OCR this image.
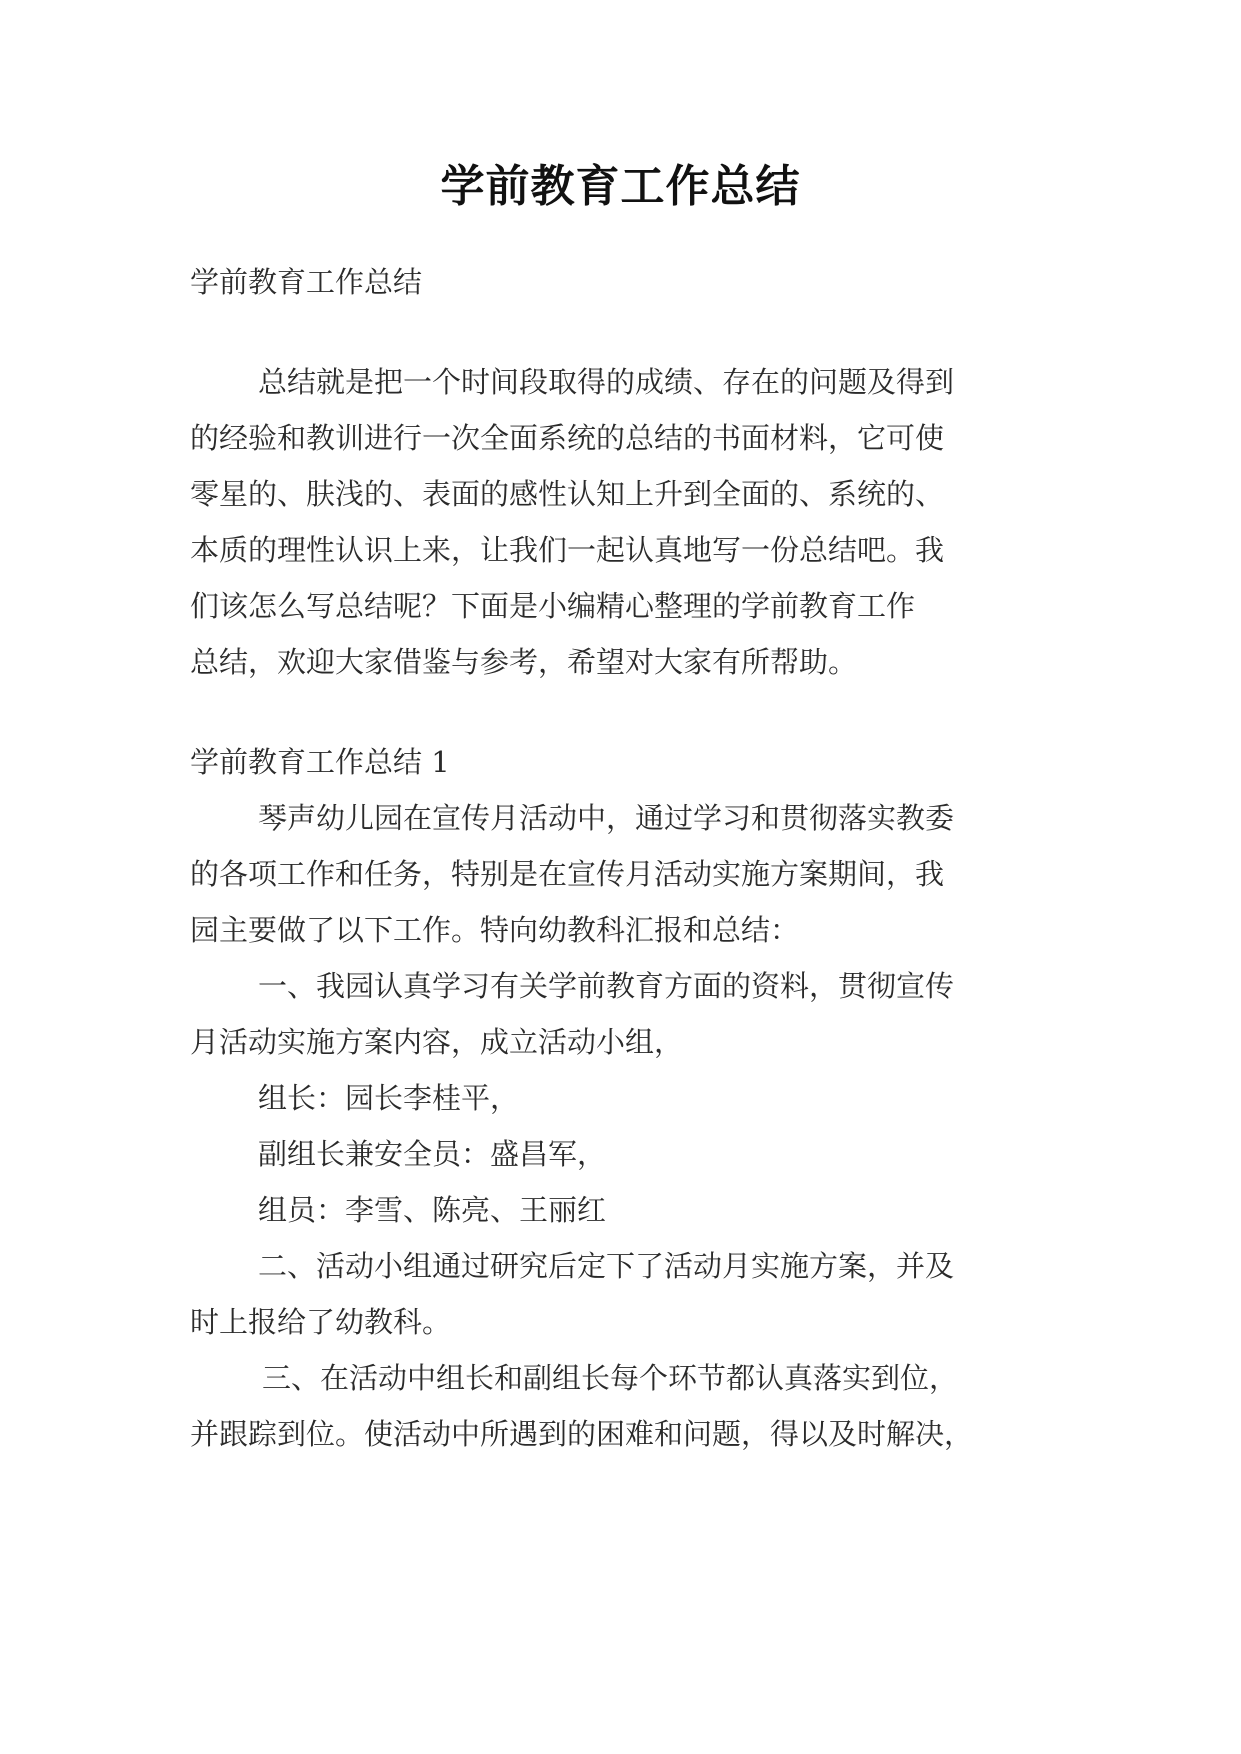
学前教育工作总结
学前教育工作总结
总结就是把一个时间段取得的成绩、存在的问题及得到
的经验和教训进行一次全面系统的总结的书面材料，它可使
零星的、肤浅的、表面的感性认知上升到全面的、系统的、
本质的理性认识上来，让我们一起认真地写一份总结吧。我
们该怎么写总结呢？下面是小编精心整理的学前教育工作
总结，欢迎大家借鉴与参考，希望对大家有所帮助。
学前教育工作总结 1
琴声幼儿园在宣传月活动中，通过学习和贯彻落实教委
的各项工作和任务，特别是在宣传月活动实施方案期间，我
园主要做了以下工作。特向幼教科汇报和总结：
一、我园认真学习有关学前教育方面的资料，贯彻宣传
月活动实施方案内容，成立活动小组，
组长：园长李桂平，
副组长兼安全员：盛昌军，
组员：李雪、陈亮、王丽红
二、活动小组通过研究后定下了活动月实施方案，并及
时上报给了幼教科。
三、在活动中组长和副组长每个环节都认真落实到位，
并跟踪到位。使活动中所遇到的困难和问题，得以及时解决，
